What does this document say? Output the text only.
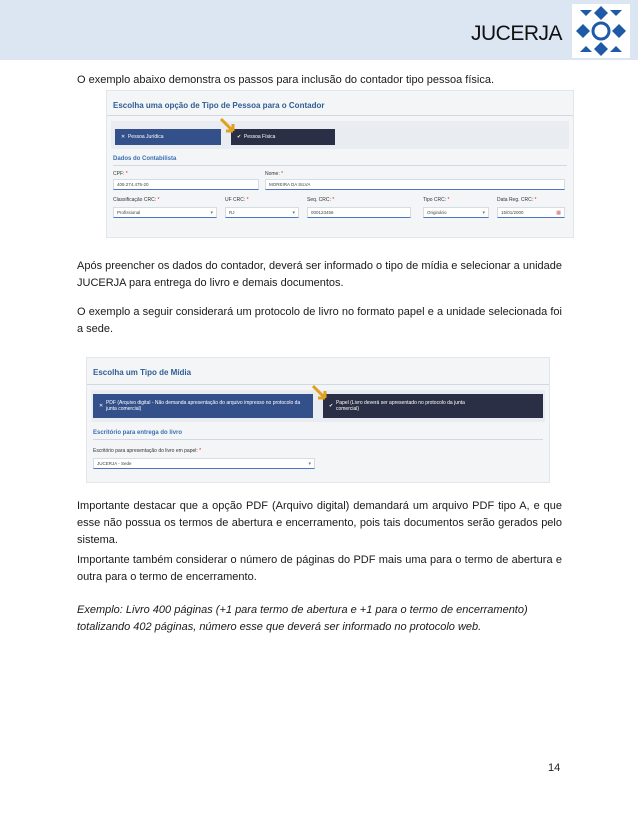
JUCERJA
O exemplo abaixo demonstra os passos para inclusão do contador tipo pessoa física.
Escolha uma opção de Tipo de Pessoa para o Contador
✕ Pessoa Jurídica	✔ Pessoa Física
Dados do Contabilista
CPF: *
409.274.475-20
Nome: *
MOREIRA DA SILVA
Classificação CRC: *
Profissional	▾
UF CRC: *
RJ	▾
Seq. CRC: *
000123456
Tipo CRC: *
Originário	▾
Data Reg. CRC: *
15/01/2000	▦
Após preencher os dados do contador, deverá ser informado o tipo de mídia e selecionar a unidade JUCERJA para entrega do livro e demais documentos.
O exemplo a seguir considerará um protocolo de livro no formato papel e a unidade selecionada foi a sede.
Escolha um Tipo de Mídia
✕ PDF (Arquivo digital - Não demanda apresentação do arquivo impresso no protocolo da junta comercial)	✔ Papel (Livro deverá ser apresentado no protocolo da junta comercial)
Escritório para entrega do livro
Escritório para apresentação do livro em papel: *
JUCERJA - Sede	▾
Importante destacar que a opção PDF (Arquivo digital) demandará um arquivo PDF tipo A, e que esse não possua os termos de abertura e encerramento, pois tais documentos serão gerados pelo sistema.
Importante também considerar o número de páginas do PDF mais uma para o termo de abertura e outra para o termo de encerramento.
Exemplo: Livro 400 páginas (+1 para termo de abertura e +1 para o termo de encerramento) totalizando 402 páginas, número esse que deverá ser informado no protocolo web.
14
